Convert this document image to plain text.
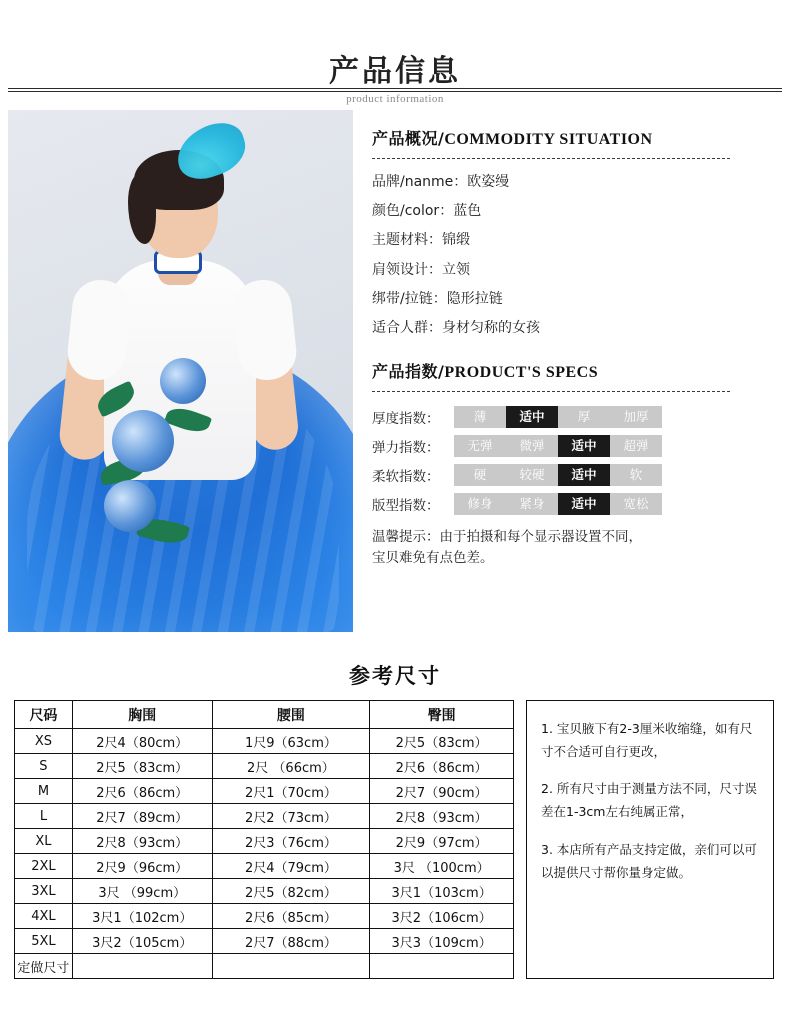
产品信息
product information
产品概况/COMMODITY SITUATION
品牌/nanme：欧姿缦
颜色/color：蓝色
主题材料：锦缎
肩领设计：立领
绑带/拉链：隐形拉链
适合人群：身材匀称的女孩
产品指数/PRODUCT'S SPECS
厚度指数：	薄	适中	厚	加厚
弹力指数：	无弹	微弹	适中	超弹
柔软指数：	硬	较硬	适中	软
版型指数：	修身	紧身	适中	宽松
温馨提示：由于拍摄和每个显示器设置不同，
宝贝难免有点色差。
参考尺寸
尺码	胸围	腰围	臀围
XS	2尺4（80cm）	1尺9（63cm）	2尺5（83cm）
S	2尺5（83cm）	2尺 （66cm）	2尺6（86cm）
M	2尺6（86cm）	2尺1（70cm）	2尺7（90cm）
L	2尺7（89cm）	2尺2（73cm）	2尺8（93cm）
XL	2尺8（93cm）	2尺3（76cm）	2尺9（97cm）
2XL	2尺9（96cm）	2尺4（79cm）	3尺 （100cm）
3XL	3尺 （99cm）	2尺5（82cm）	3尺1（103cm）
4XL	3尺1（102cm）	2尺6（85cm）	3尺2（106cm）
5XL	3尺2（105cm）	2尺7（88cm）	3尺3（109cm）
定做尺寸			

1. 宝贝腋下有2-3厘米收缩缝，如有尺寸不合适可自行更改，

2. 所有尺寸由于测量方法不同，尺寸误差在1-3cm左右纯属正常，

3. 本店所有产品支持定做，亲们可以可以提供尺寸帮你量身定做。
